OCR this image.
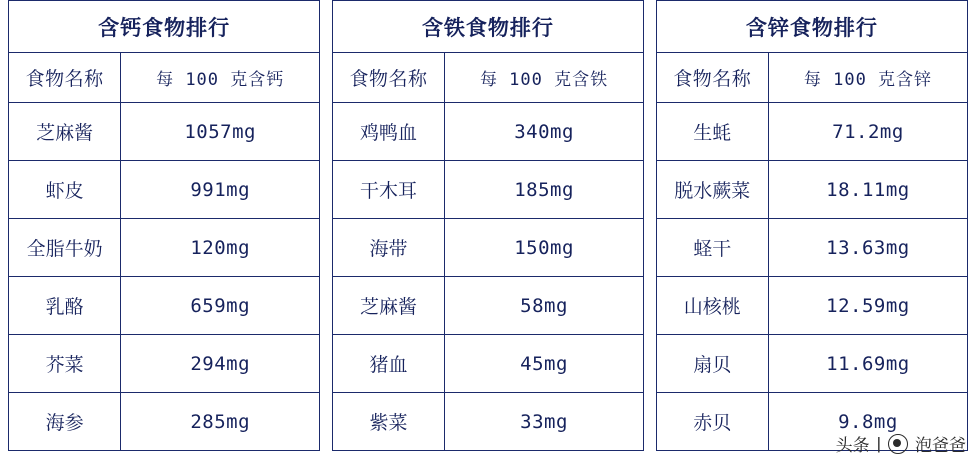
含钙食物排行			含铁食物排行			含锌食物排行	
食物名称	每 100 克含钙		食物名称	每 100 克含铁		食物名称	每 100 克含锌
芝麻酱	1057mg		鸡鸭血	340mg		生蚝	71.2mg
虾皮	991mg		干木耳	185mg		脱水蕨菜	18.11mg
全脂牛奶	120mg		海带	150mg		蛏干	13.63mg
乳酪	659mg		芝麻酱	58mg		山核桃	12.59mg
芥菜	294mg		猪血	45mg		扇贝	11.69mg
海参	285mg		紫菜	33mg		赤贝	9.8mg
头条 | 泡爸爸
